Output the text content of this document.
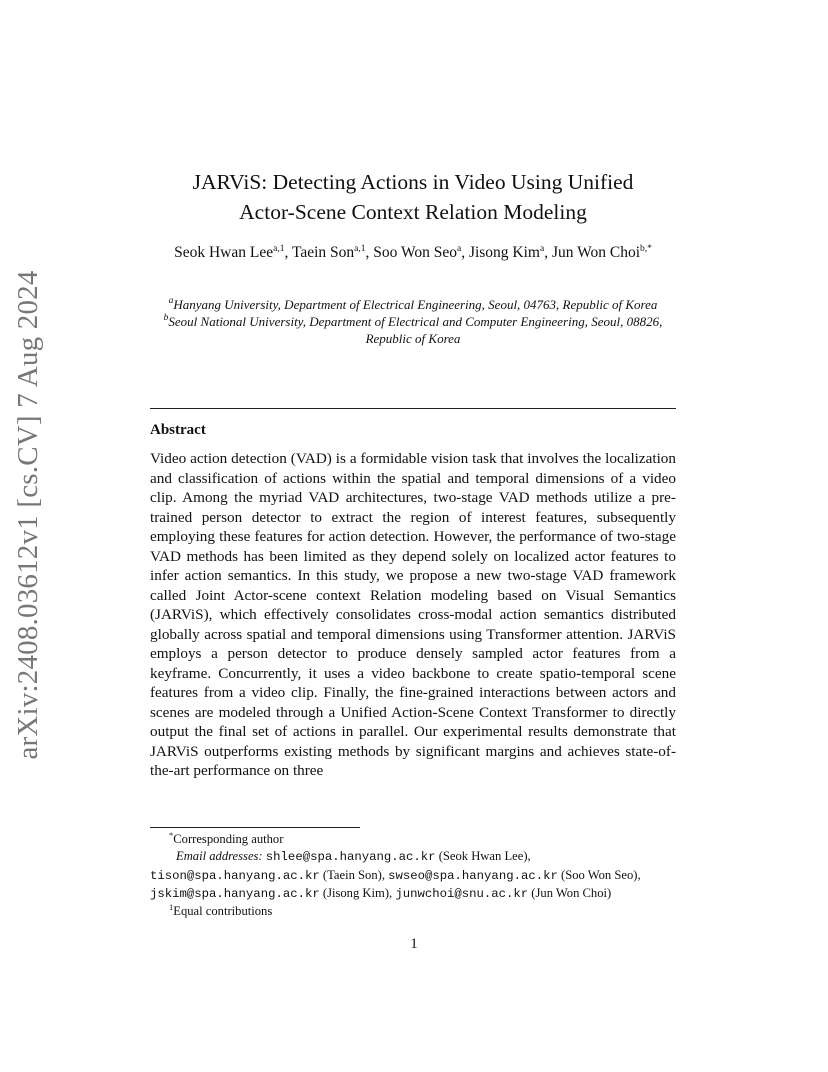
arXiv:2408.03612v1 [cs.CV] 7 Aug 2024
JARViS: Detecting Actions in Video Using Unified
Actor-Scene Context Relation Modeling
Seok Hwan Lee$^{a,1}$, Taein Son$^{a,1}$, Soo Won Seo$^a$, Jisong Kim$^a$, Jun Won Choi$^{b,*}$

$^a$Hanyang University, Department of Electrical Engineering, Seoul, 04763, Republic of Korea

$^b$Seoul National University, Department of Electrical and Computer Engineering, Seoul, 08826, Republic of Korea

Abstract
Video action detection (VAD) is a formidable vision task that involves the localization and classification of actions within the spatial and temporal dimensions of a video clip. Among the myriad VAD architectures, two-stage VAD methods utilize a pre-trained person detector to extract the region of interest features, subsequently employing these features for action detection. However, the performance of two-stage VAD methods has been limited as they depend solely on localized actor features to infer action semantics. In this study, we propose a new two-stage VAD framework called Joint Actor-scene context Relation modeling based on Visual Semantics (JARViS), which effectively consolidates cross-modal action semantics distributed globally across spatial and temporal dimensions using Transformer attention. JARViS employs a person detector to produce densely sampled actor features from a keyframe. Concurrently, it uses a video backbone to create spatio-temporal scene features from a video clip. Finally, the fine-grained interactions between actors and scenes are modeled through a Unified Action-Scene Context Transformer to directly output the final set of actions in parallel. Our experimental results demonstrate that JARViS outperforms existing methods by significant margins and achieves state-of-the-art performance on three
*Corresponding author
Email addresses: shlee@spa.hanyang.ac.kr (Seok Hwan Lee),
tison@spa.hanyang.ac.kr (Taein Son), swseo@spa.hanyang.ac.kr (Soo Won Seo),
jskim@spa.hanyang.ac.kr (Jisong Kim), junwchoi@snu.ac.kr (Jun Won Choi)
$^1$Equal contributions
1
